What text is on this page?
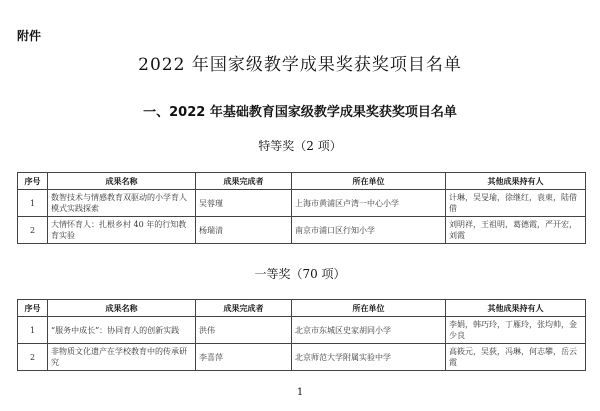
附件
2022 年国家级教学成果奖获奖项目名单
一、2022 年基础教育国家级教学成果奖获奖项目名单
特等奖（2 项）
序号	成果名称	成果完成者	所在单位	其他成果持有人
1	数智技术与情感教育双驱动的小学育人模式实践探索	吴蓉瑾	上海市黄浦区卢湾一中心小学	计琳，吴旻瑜，徐继红，袁東，陆借借
2	大情怀育人：扎根乡村 40 年的行知教育实验	杨瑞清	南京市浦口区行知小学	刘明祥，王祖明，葛德霞，严开宏，刘霞
一等奖（70 项）
序号	成果名称	成果完成者	所在单位	其他成果持有人
1	“服务中成长”：协同育人的创新实践	洪伟	北京市东城区史家胡同小学	李娟，韩巧玲，丁雁玲，张均帅，金少良
2	非物质文化遗产在学校教育中的传承研究	李喜萍	北京师范大学附属实验中学	高筱元，吴荻，冯琳，何志攀，岳云霞
1
